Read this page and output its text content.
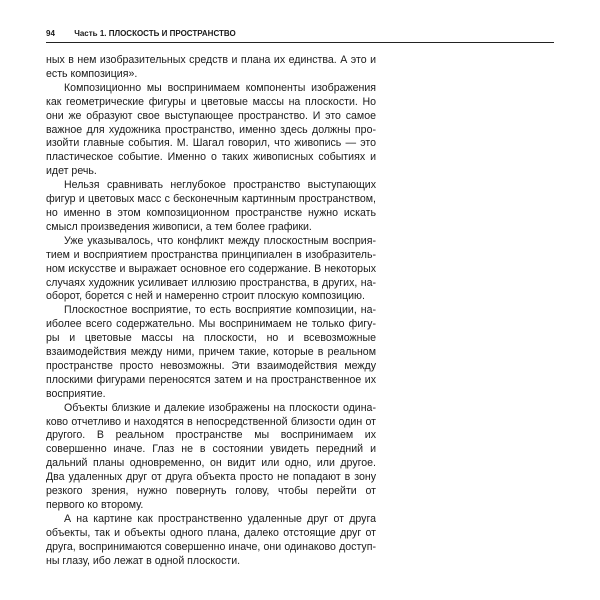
94 Часть 1. ПЛОСКОСТЬ И ПРОСТРАНСТВО

ных в нем изобразительных средств и плана их единства. А это и есть композиция».

Композиционно мы воспринимаем компоненты изображения как геометрические фигуры и цветовые массы на плоскости. Но они же образуют свое выступающее пространство. И это самое важное для художника пространство, именно здесь должны произойти главные события. М. Шагал говорил, что живопись — это пластическое событие. Именно о таких живописных событиях и идет речь.

Нельзя сравнивать неглубокое пространство выступающих фигур и цветовых масс с бесконечным картинным пространством, но именно в этом композиционном пространстве нужно искать смысл произведения живописи, а тем более графики.

Уже указывалось, что конфликт между плоскостным восприятием и восприятием пространства принципиален в изобразительном искусстве и выражает основное его содержание. В некоторых случаях художник усиливает иллюзию пространства, в других, наоборот, борется с ней и намеренно строит плоскую композицию.

Плоскостное восприятие, то есть восприятие композиции, наиболее всего содержательно. Мы воспринимаем не только фигуры и цветовые массы на плоскости, но и всевозможные взаимодействия между ними, причем такие, которые в реальном пространстве просто невозможны. Эти взаимодействия между плоскими фигурами переносятся затем и на пространственное их восприятие.

Объекты близкие и далекие изображены на плоскости одинаково отчетливо и находятся в непосредственной близости один от другого. В реальном пространстве мы воспринимаем их совершенно иначе. Глаз не в состоянии увидеть передний и дальний планы одновременно, он видит или одно, или другое. Два удаленных друг от друга объекта просто не попадают в зону резкого зрения, нужно повернуть голову, чтобы перейти от первого ко второму.

А на картине как пространственно удаленные друг от друга объекты, так и объекты одного плана, далеко отстоящие друг от друга, воспринимаются совершенно иначе, они одинаково доступны глазу, ибо лежат в одной плоскости.
